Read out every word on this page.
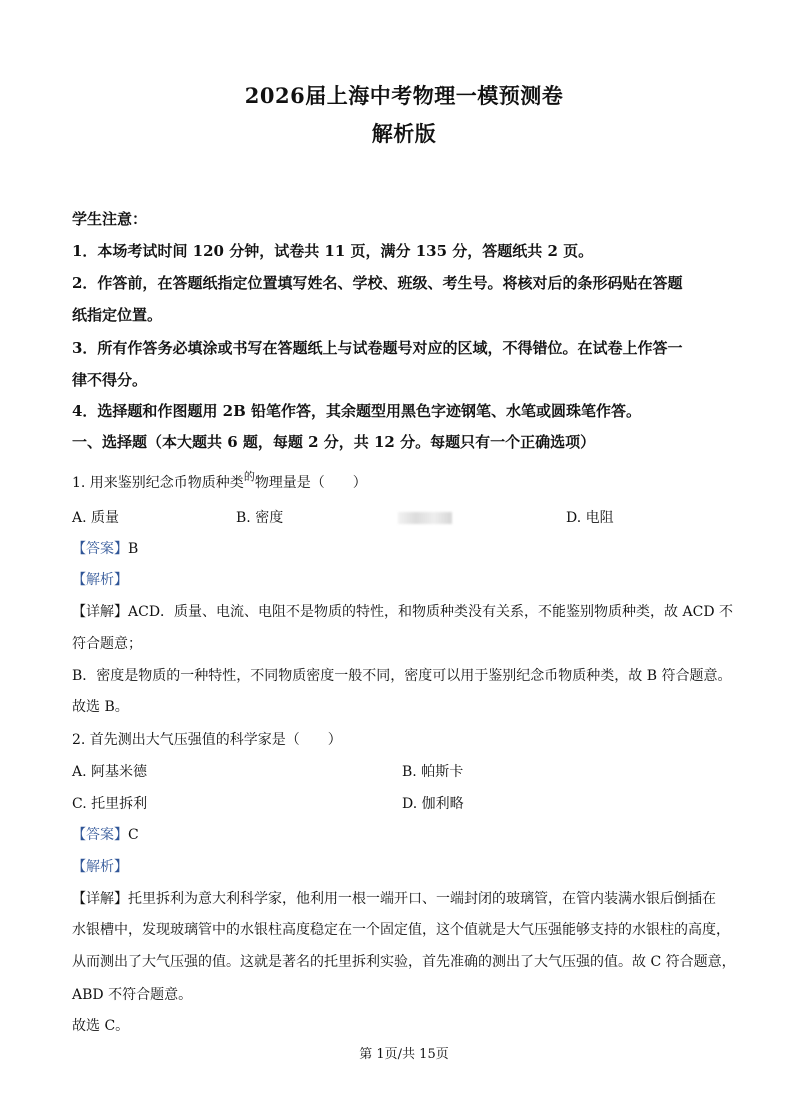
2026届上海中考物理一模预测卷
解析版
学生注意：
1．本场考试时间 120 分钟，试卷共 11 页，满分 135 分，答题纸共 2 页。
2．作答前，在答题纸指定位置填写姓名、学校、班级、考生号。将核对后的条形码贴在答题
纸指定位置。
3．所有作答务必填涂或书写在答题纸上与试卷题号对应的区域，不得错位。在试卷上作答一
律不得分。
4．选择题和作图题用 2B 铅笔作答，其余题型用黑色字迹钢笔、水笔或圆珠笔作答。
一、选择题（本大题共 6 题，每题 2 分，共 12 分。每题只有一个正确选项）
1. 用来鉴别纪念币物质种类$^的$物理量是（　　）
A. 质量	B. 密度	D. 电阻
【答案】B
【解析】
【详解】ACD．质量、电流、电阻不是物质的特性，和物质种类没有关系，不能鉴别物质种类，故 ACD 不
符合题意；
B．密度是物质的一种特性，不同物质密度一般不同，密度可以用于鉴别纪念币物质种类，故 B 符合题意。
故选 B。
2. 首先测出大气压强值的科学家是（　　）
A. 阿基米德	B. 帕斯卡
C. 托里拆利	D. 伽利略
【答案】C
【解析】
【详解】托里拆利为意大利科学家，他利用一根一端开口、一端封闭的玻璃管，在管内装满水银后倒插在
水银槽中，发现玻璃管中的水银柱高度稳定在一个固定值，这个值就是大气压强能够支持的水银柱的高度，
从而测出了大气压强的值。这就是著名的托里拆利实验，首先准确的测出了大气压强的值。故 C 符合题意，
ABD 不符合题意。
故选 C。
第 1页/共 15页
